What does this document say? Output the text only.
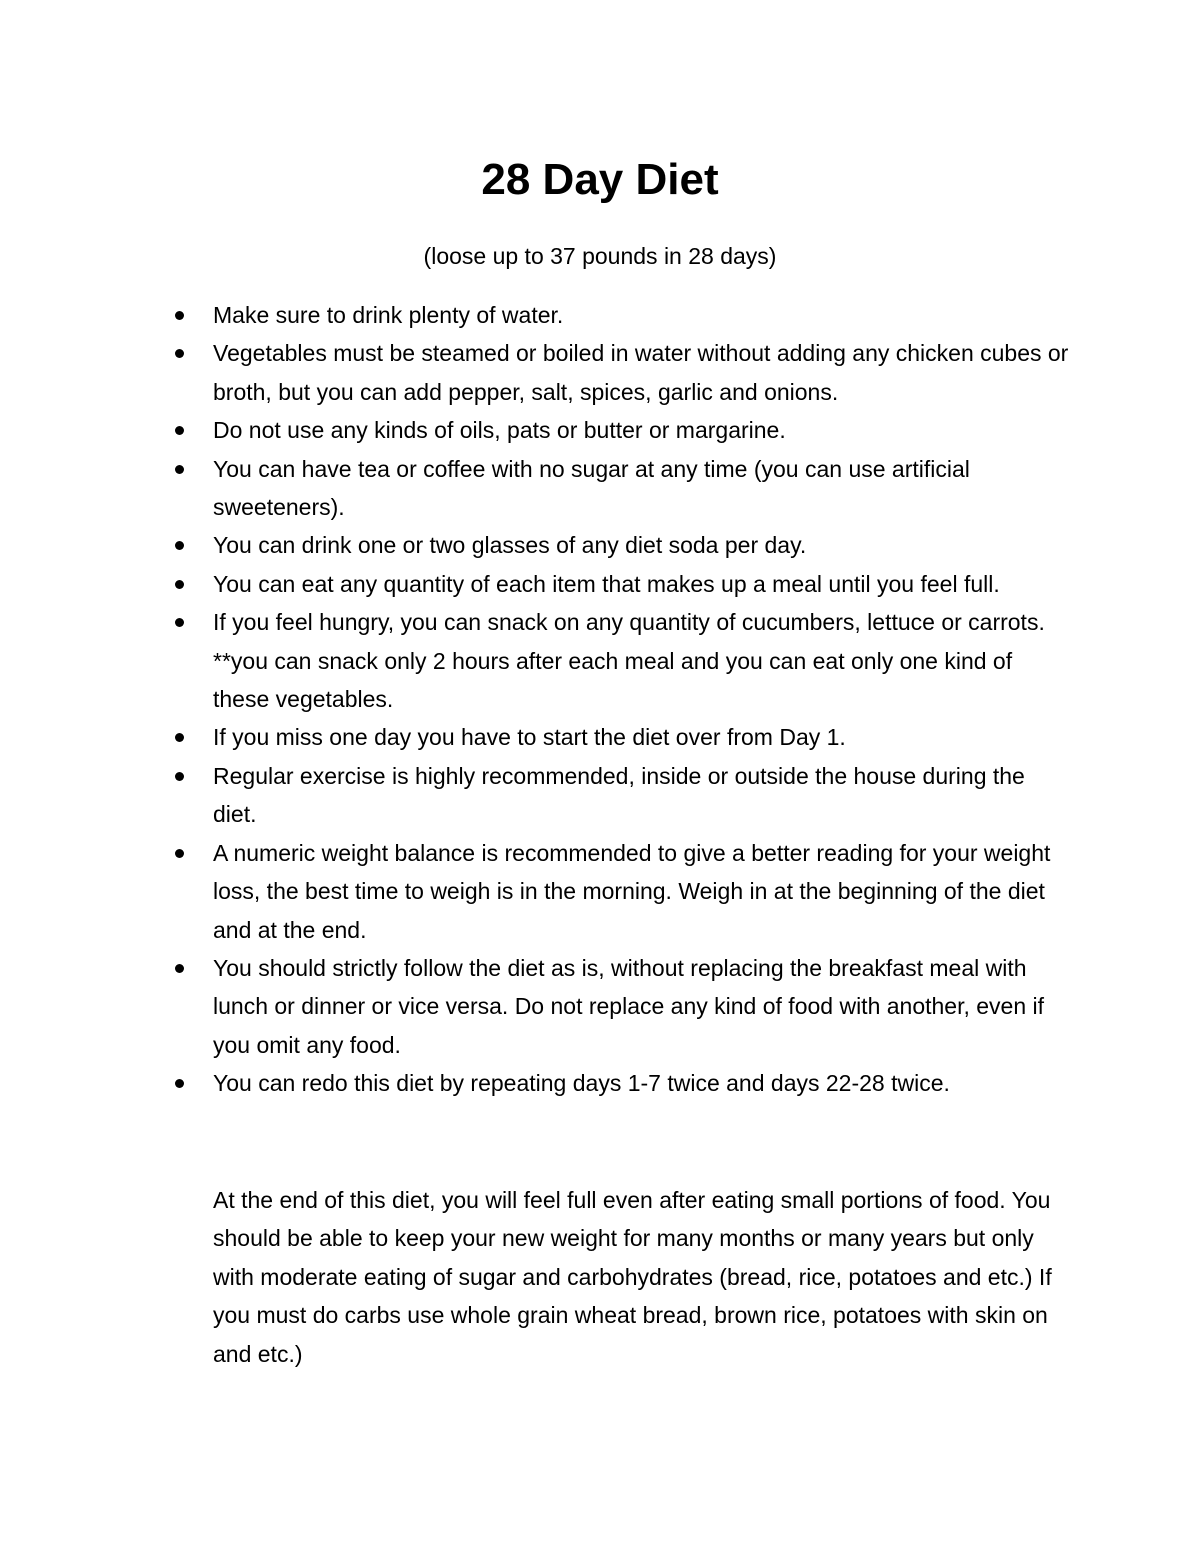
28 Day Diet

(loose up to 37 pounds in 28 days)

Make sure to drink plenty of water.
Vegetables must be steamed or boiled in water without adding any chicken cubes or broth, but you can add pepper, salt, spices, garlic and onions.
Do not use any kinds of oils, pats or butter or margarine.
You can have tea or coffee with no sugar at any time (you can use artificial sweeteners).
You can drink one or two glasses of any diet soda per day.
You can eat any quantity of each item that makes up a meal until you feel full.
If you feel hungry, you can snack on any quantity of cucumbers, lettuce or carrots. **you can snack only 2 hours after each meal and you can eat only one kind of these vegetables.
If you miss one day you have to start the diet over from Day 1.
Regular exercise is highly recommended, inside or outside the house during the diet.
A numeric weight balance is recommended to give a better reading for your weight loss, the best time to weigh is in the morning. Weigh in at the beginning of the diet and at the end.
You should strictly follow the diet as is, without replacing the breakfast meal with lunch or dinner or vice versa. Do not replace any kind of food with another, even if you omit any food.
You can redo this diet by repeating days 1-7 twice and days 22-28 twice.

At the end of this diet, you will feel full even after eating small portions of food. You should be able to keep your new weight for many months or many years but only with moderate eating of sugar and carbohydrates (bread, rice, potatoes and etc.) If you must do carbs use whole grain wheat bread, brown rice, potatoes with skin on and etc.)
